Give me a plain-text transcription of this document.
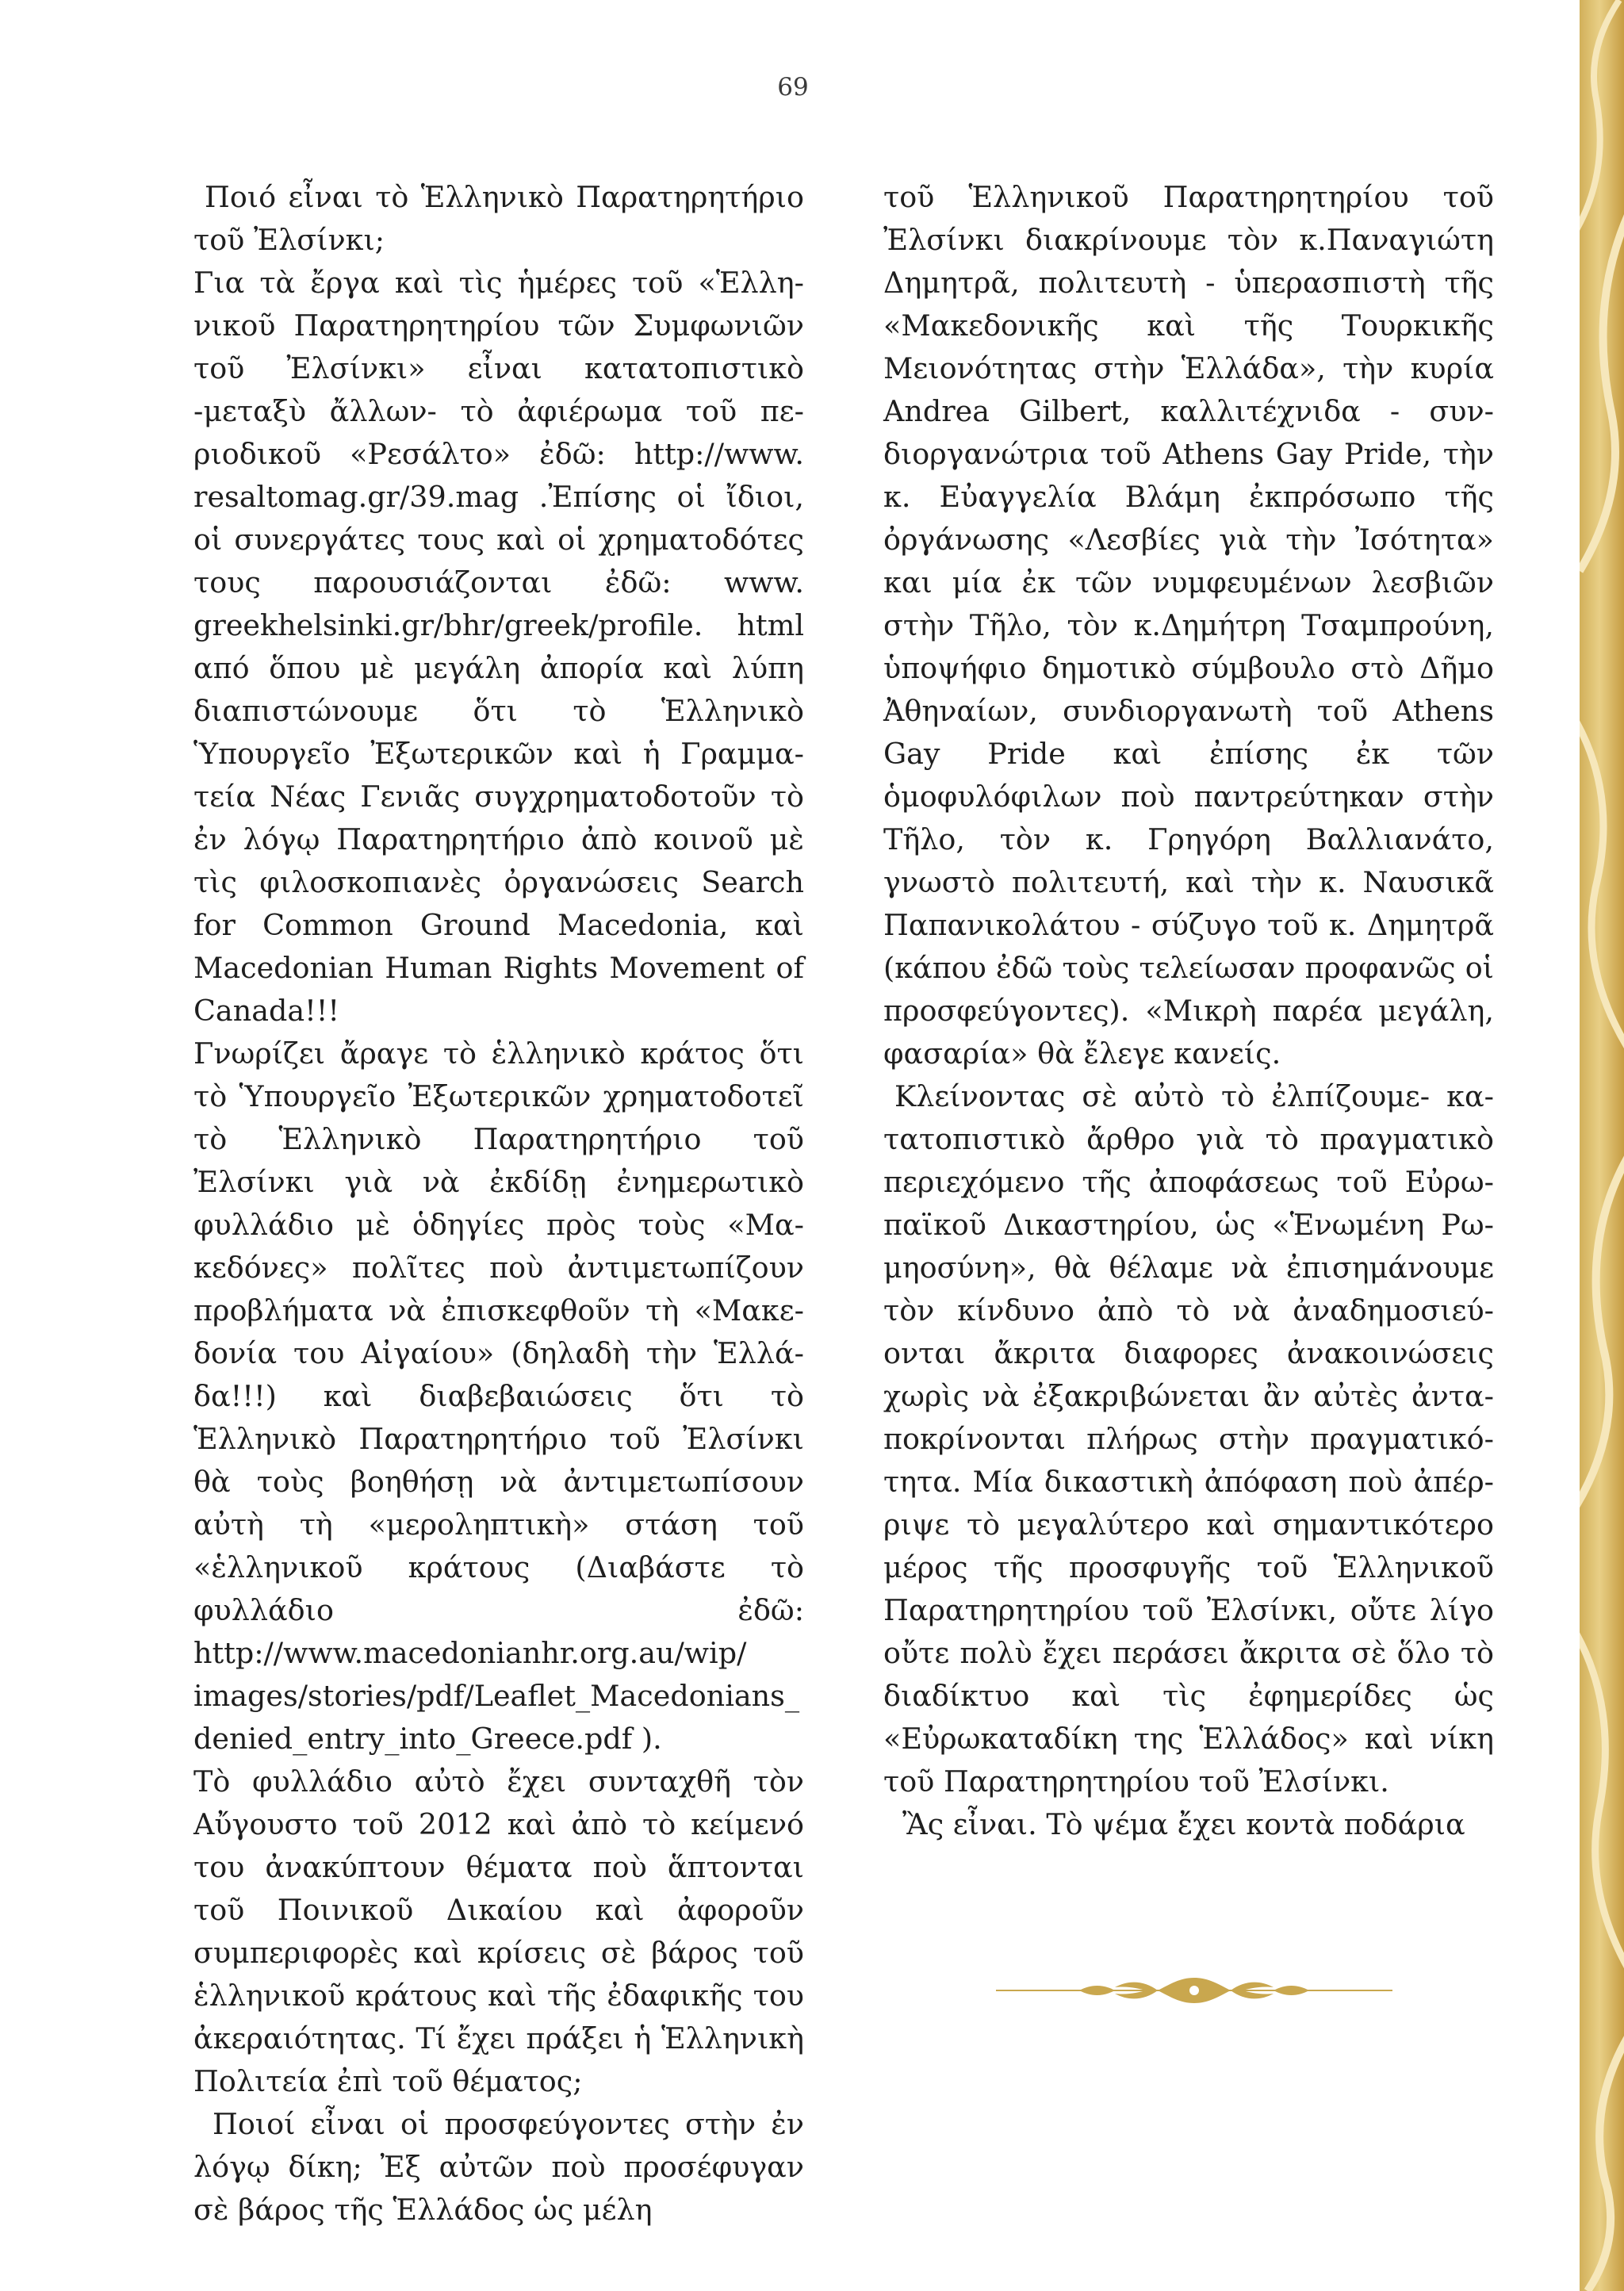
69

Ποιό εἶναι τὸ Ἑλληνικὸ Παρατηρητήριο τοῦ Ἐλσίνκι;

Για τὰ ἔργα καὶ τὶς ἡμέρες τοῦ «Ἑλληνικοῦ Παρατηρητηρίου τῶν Συμφωνιῶν τοῦ Ἐλσίνκι» εἶναι κατατοπιστικὸ -μεταξὺ ἄλλων- τὸ ἀφιέρωμα τοῦ περιοδικοῦ «Ρεσάλτο» ἐδῶ: http://www. resaltomag.gr/39.mag .Ἐπίσης οἱ ἴδιοι, οἱ συνεργάτες τους καὶ οἱ χρηματοδότες τους παρουσιάζονται ἐδῶ: www. greekhelsinki.gr/bhr/greek/profile. html από ὅπου μὲ μεγάλη ἀπορία καὶ λύπη διαπιστώνουμε ὅτι τὸ Ἑλληνικὸ Ὑπουργεῖο Ἐξωτερικῶν καὶ ἡ Γραμματεία Νέας Γενιᾶς συγχρηματοδοτοῦν τὸ ἐν λόγῳ Παρατηρητήριο ἀπὸ κοινοῦ μὲ τὶς φιλοσκοπιανὲς ὀργανώσεις Search for Common Ground Macedonia, καὶ Macedonian Human Rights Movement of Canada!!!

Γνωρίζει ἄραγε τὸ ἑλληνικὸ κράτος ὅτι τὸ Ὑπουργεῖο Ἐξωτερικῶν χρηματοδοτεῖ τὸ Ἑλληνικὸ Παρατηρητήριο τοῦ Ἐλσίνκι γιὰ νὰ ἐκδίδῃ ἐνημερωτικὸ φυλλάδιο μὲ ὁδηγίες πρὸς τοὺς «Μακεδόνες» πολῖτες ποὺ ἀντιμετωπίζουν προβλήματα νὰ ἐπισκεφθοῦν τὴ «Μακεδονία του Αἰγαίου» (δηλαδὴ τὴν Ἑλλάδα!!!) καὶ διαβεβαιώσεις ὅτι τὸ Ἑλληνικὸ Παρατηρητήριο τοῦ Ἐλσίνκι θὰ τοὺς βοηθήσῃ νὰ ἀντιμετωπίσουν αὐτὴ τὴ «μεροληπτικὴ» στάση τοῦ «ἑλληνικοῦ κράτους (Διαβάστε τὸ φυλλάδιο ἐδῶ: http://www.macedonianhr.org.au/wip/ images/stories/pdf/Leaflet_Macedonians_ denied_entry_into_Greece.pdf ).

Τὸ φυλλάδιο αὐτὸ ἔχει συνταχθῆ τὸν Αὔγουστο τοῦ 2012 καὶ ἀπὸ τὸ κείμενό του ἀνακύπτουν θέματα ποὺ ἅπτονται τοῦ Ποινικοῦ Δικαίου καὶ ἀφοροῦν συμπεριφορὲς καὶ κρίσεις σὲ βάρος τοῦ ἑλληνικοῦ κράτους καὶ τῆς ἐδαφικῆς του ἀκεραιότητας. Τί ἔχει πράξει ἡ Ἑλληνικὴ Πολιτεία ἐπὶ τοῦ θέματος;

Ποιοί εἶναι οἱ προσφεύγοντες στὴν ἐν λόγῳ δίκη; Ἐξ αὐτῶν ποὺ προσέφυγαν σὲ βάρος τῆς Ἑλλάδος ὡς μέλη

τοῦ Ἑλληνικοῦ Παρατηρητηρίου τοῦ Ἐλσίνκι διακρίνουμε τὸν κ.Παναγιώτη Δημητρᾶ, πολιτευτὴ - ὑπερασπιστὴ τῆς «Μακεδονικῆς καὶ τῆς Τουρκικῆς Μειονότητας στὴν Ἑλλάδα», τὴν κυρία Andrea Gilbert, καλλιτέχνιδα - συνδιοργανώτρια τοῦ Athens Gay Pride, τὴν κ. Εὐαγγελία Βλάμη ἐκπρόσωπο τῆς ὀργάνωσης «Λεσβίες γιὰ τὴν Ἰσότητα» και μία ἐκ τῶν νυμφευμένων λεσβιῶν στὴν Τῆλο, τὸν κ.Δημήτρη Τσαμπρούνη, ὑποψήφιο δημοτικὸ σύμβουλο στὸ Δῆμο Ἀθηναίων, συνδιοργανωτὴ τοῦ Athens Gay Pride καὶ ἐπίσης ἐκ τῶν ὁμοφυλόφιλων ποὺ παντρεύτηκαν στὴν Τῆλο, τὸν κ. Γρηγόρη Βαλλιανάτο, γνωστὸ πολιτευτή, καὶ τὴν κ. Ναυσικᾶ Παπανικολάτου - σύζυγο τοῦ κ. Δημητρᾶ (κάπου ἐδῶ τοὺς τελείωσαν προφανῶς οἱ προσφεύγοντες). «Μικρὴ παρέα μεγάλη, φασαρία» θὰ ἔλεγε κανείς.

Κλείνοντας σὲ αὐτὸ τὸ ἐλπίζουμε- κατατοπιστικὸ ἄρθρο γιὰ τὸ πραγματικὸ περιεχόμενο τῆς ἀποφάσεως τοῦ Εὐρωπαϊκοῦ Δικαστηρίου, ὡς «Ἑνωμένη Ρωμηοσύνη», θὰ θέλαμε νὰ ἐπισημάνουμε τὸν κίνδυνο ἀπὸ τὸ νὰ ἀναδημοσιεύονται ἄκριτα διαφορες ἀνακοινώσεις χωρὶς νὰ ἐξακριβώνεται ἂν αὐτὲς ἀνταποκρίνονται πλήρως στὴν πραγματικότητα. Μία δικαστικὴ ἀπόφαση ποὺ ἀπέρριψε τὸ μεγαλύτερο καὶ σημαντικότερο μέρος τῆς προσφυγῆς τοῦ Ἑλληνικοῦ Παρατηρητηρίου τοῦ Ἐλσίνκι, οὔτε λίγο οὔτε πολὺ ἔχει περάσει ἄκριτα σὲ ὅλο τὸ διαδίκτυο καὶ τὶς ἐφημερίδες ὡς «Εὐρωκαταδίκη της Ἑλλάδος» καὶ νίκη τοῦ Παρατηρητηρίου τοῦ Ἐλσίνκι.

Ἂς εἶναι. Τὸ ψέμα ἔχει κοντὰ ποδάρια
